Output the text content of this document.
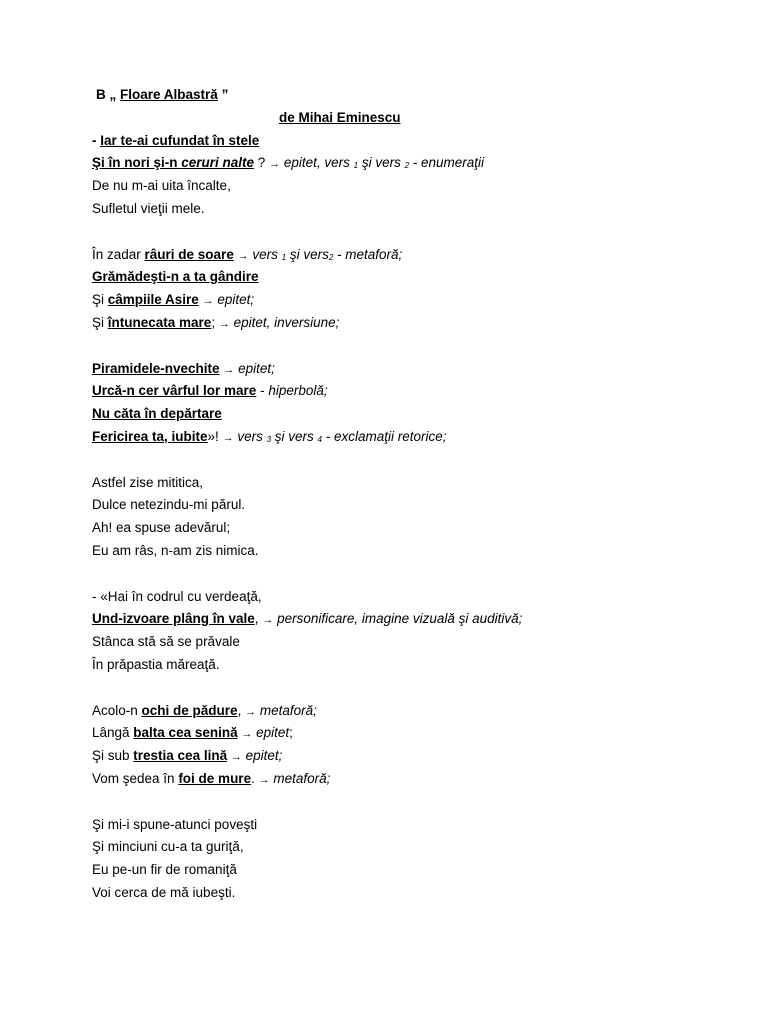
B „ Floare Albastră ”
de Mihai Eminescu
- Iar te-ai cufundat în stele
Şi în nori şi-n ceruri nalte ? → epitet, vers $_1$ şi vers $_2$ - enumeraţii
De nu m-ai uita încalte,
Sufletul vieţii mele.
În zadar râuri de soare → vers $_1$ şi vers$_2$ - metaforă;
Grămădeşti-n a ta gândire
Şi câmpiile Asire → epitet;
Şi întunecata mare; → epitet, inversiune;
Piramidele-nvechite → epitet;
Urcă-n cer vârful lor mare - hiperbolă;
Nu căta în depărtare
Fericirea ta, iubite»! → vers $_3$ şi vers $_4$ - exclamaţii retorice;
Astfel zise mititica,
Dulce netezindu-mi părul.
Ah! ea spuse adevărul;
Eu am râs, n-am zis nimica.
- «Hai în codrul cu verdeaţă,
Und-izvoare plâng în vale, → personificare, imagine vizuală şi auditivă;
Stânca stă să se prăvale
În prăpastia măreaţă.
Acolo-n ochi de pădure, → metaforă;
Lângă balta cea senină → epitet;
Şi sub trestia cea lină → epitet;
Vom şedea în foi de mure. → metaforă;
Şi mi-i spune-atunci poveşti
Şi minciuni cu-a ta guriţă,
Eu pe-un fir de romaniţă
Voi cerca de mă iubeşti.
